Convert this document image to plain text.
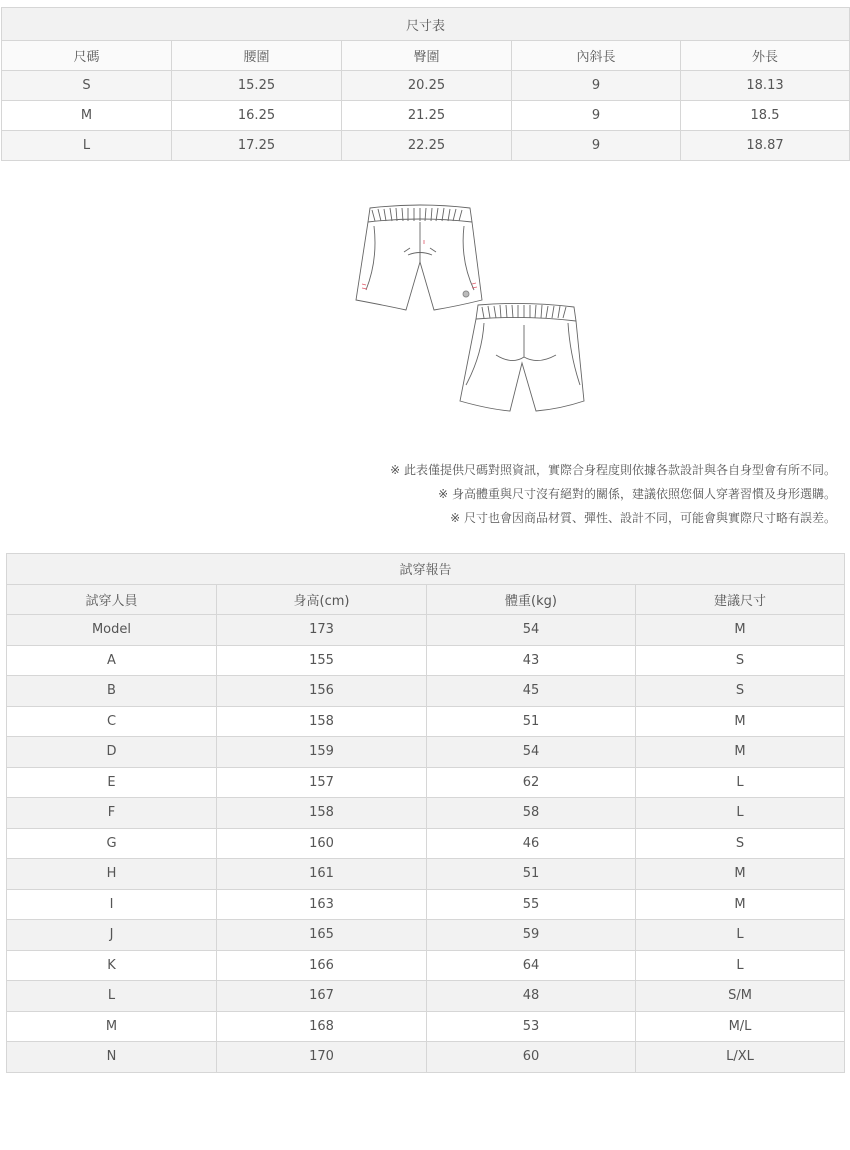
尺寸表				
尺碼	腰圍	臀圍	內斜長	外長
S	15.25	20.25	9	18.13
M	16.25	21.25	9	18.5
L	17.25	22.25	9	18.87
※ 此表僅提供尺碼對照資訊，實際合身程度則依據各款設計與各自身型會有所不同。
※ 身高體重與尺寸沒有絕對的關係，建議依照您個人穿著習慣及身形選購。
※ 尺寸也會因商品材質、彈性、設計不同，可能會與實際尺寸略有誤差。
試穿報告			
試穿人員	身高(cm)	體重(kg)	建議尺寸
Model	173	54	M
A	155	43	S
B	156	45	S
C	158	51	M
D	159	54	M
E	157	62	L
F	158	58	L
G	160	46	S
H	161	51	M
I	163	55	M
J	165	59	L
K	166	64	L
L	167	48	S/M
M	168	53	M/L
N	170	60	L/XL
